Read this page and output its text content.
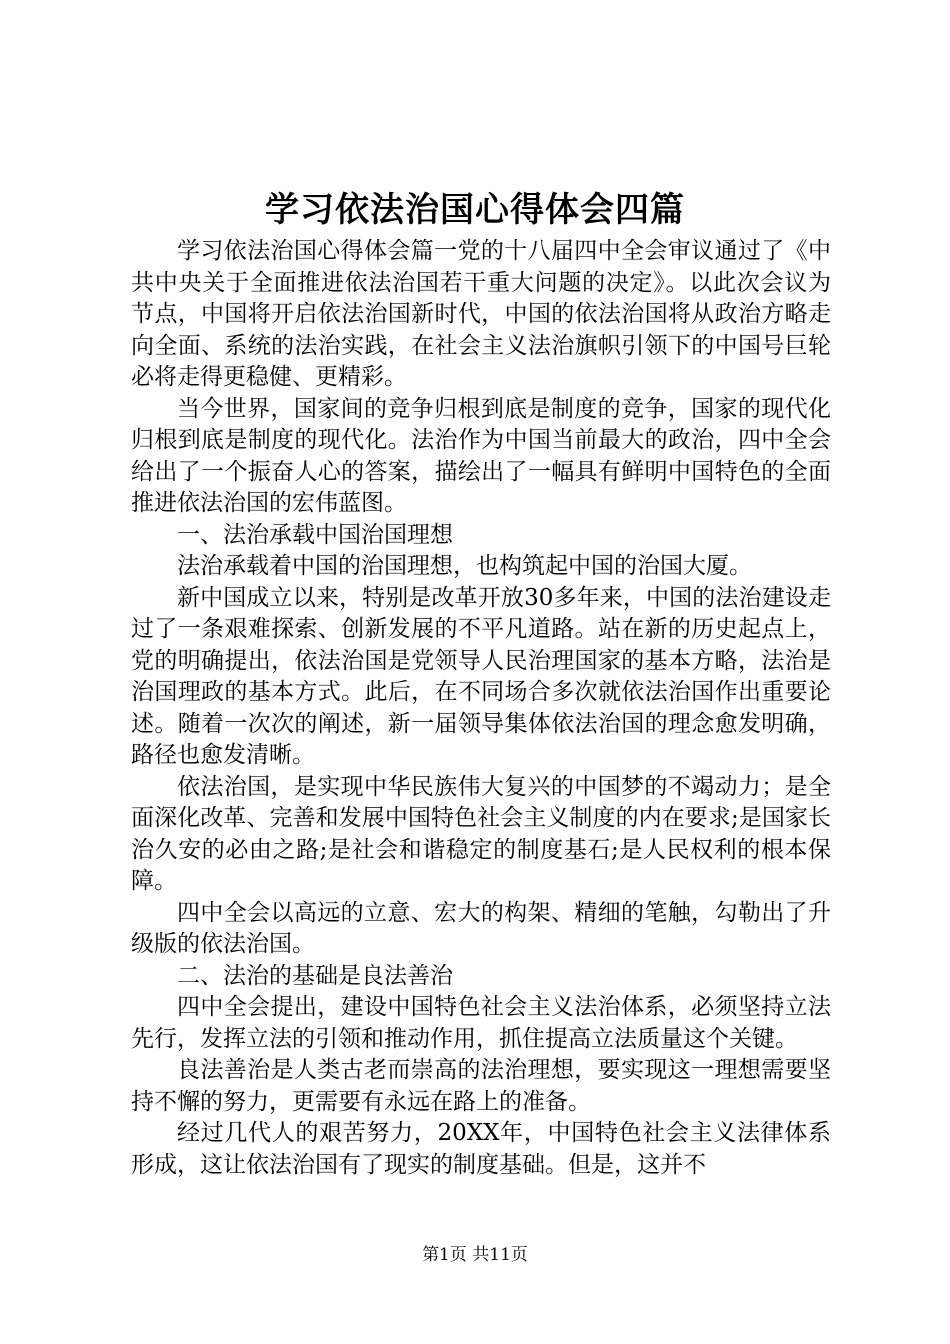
学习依法治国心得体会四篇

学习依法治国心得体会篇一党的十八届四中全会审议通过了《中共中央关于全面推进依法治国若干重大问题的决定》。以此次会议为节点，中国将开启依法治国新时代，中国的依法治国将从政治方略走向全面、系统的法治实践，在社会主义法治旗帜引领下的中国号巨轮必将走得更稳健、更精彩。

当今世界，国家间的竞争归根到底是制度的竞争，国家的现代化归根到底是制度的现代化。法治作为中国当前最大的政治，四中全会给出了一个振奋人心的答案，描绘出了一幅具有鲜明中国特色的全面推进依法治国的宏伟蓝图。

一、法治承载中国治国理想

法治承载着中国的治国理想，也构筑起中国的治国大厦。

新中国成立以来，特别是改革开放30多年来，中国的法治建设走过了一条艰难探索、创新发展的不平凡道路。站在新的历史起点上，党的明确提出，依法治国是党领导人民治理国家的基本方略，法治是治国理政的基本方式。此后，在不同场合多次就依法治国作出重要论述。随着一次次的阐述，新一届领导集体依法治国的理念愈发明确，路径也愈发清晰。

依法治国，是实现中华民族伟大复兴的中国梦的不竭动力；是全面深化改革、完善和发展中国特色社会主义制度的内在要求;是国家长治久安的必由之路;是社会和谐稳定的制度基石;是人民权利的根本保障。

四中全会以高远的立意、宏大的构架、精细的笔触，勾勒出了升级版的依法治国。

二、法治的基础是良法善治

四中全会提出，建设中国特色社会主义法治体系，必须坚持立法先行，发挥立法的引领和推动作用，抓住提高立法质量这个关键。

良法善治是人类古老而崇高的法治理想，要实现这一理想需要坚持不懈的努力，更需要有永远在路上的准备。

经过几代人的艰苦努力，20XX年，中国特色社会主义法律体系形成，这让依法治国有了现实的制度基础。但是，这并不

第1页 共11页
